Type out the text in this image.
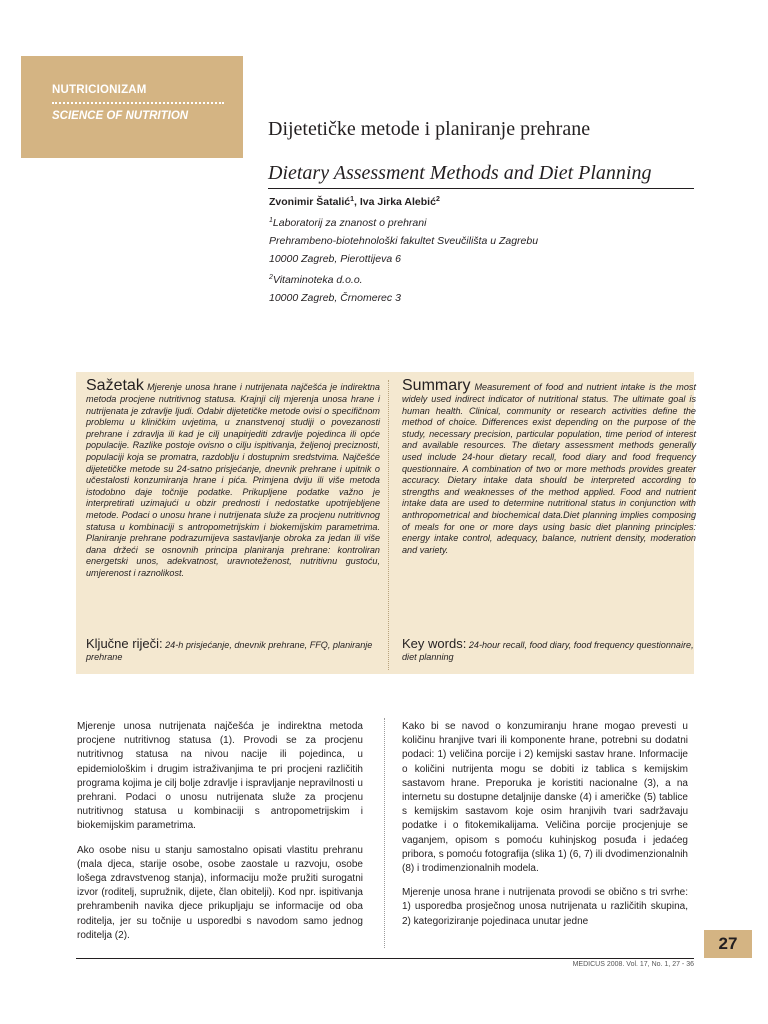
NUTRICIONIZAM
SCIENCE OF NUTRITION
Dijetetičke metode i planiranje prehrane
Dietary Assessment Methods and Diet Planning
Zvonimir Šatalić$^1$, Iva Jirka Alebić$^2$
$^1$Laboratorij za znanost o prehrani
Prehrambeno-biotehnološki fakultet Sveučilišta u Zagrebu
10000 Zagreb, Pierottijeva 6
$^2$Vitaminoteka d.o.o.
10000 Zagreb, Črnomerec 3
Sažetak Mjerenje unosa hrane i nutrijenata najčešća je indirektna metoda procjene nutritivnog statusa. Krajnji cilj mjerenja unosa hrane i nutrijenata je zdravlje ljudi. Odabir dijetetičke metode ovisi o specifičnom problemu u kliničkim uvjetima, u znanstvenoj studiji o povezanosti prehrane i zdravlja ili kad je cilj unapirjediti zdravlje pojedinca ili opće populacije. Razlike postoje ovisno o cilju ispitivanja, željenoj preciznosti, populaciji koja se promatra, razdoblju i dostupnim sredstvima. Najčešće dijetetičke metode su 24-satno prisjećanje, dnevnik prehrane i upitnik o učestalosti konzumiranja hrane i pića. Primjena dviju ili više metoda istodobno daje točnije podatke. Prikupljene podatke važno je interpretirati uzimajući u obzir prednosti i nedostatke upotrijebljene metode. Podaci o unosu hrane i nutrijenata služe za procjenu nutritivnog statusa u kombinaciji s antropometrijskim i biokemijskim parametrima. Planiranje prehrane podrazumijeva sastavljanje obroka za jedan ili više dana držeći se osnovnih principa planiranja prehrane: kontroliran energetski unos, adekvatnost, uravnoteženost, nutritivnu gustoću, umjerenost i raznolikost.
Summary Measurement of food and nutrient intake is the most widely used indirect indicator of nutritional status. The ultimate goal is human health. Clinical, community or research activities define the method of choice. Differences exist depending on the purpose of the study, necessary precision, particular population, time period of interest and available resources. The dietary assessment methods generally used include 24-hour dietary recall, food diary and food frequency questionnaire. A combination of two or more methods provides greater accuracy. Dietary intake data should be interpreted according to strengths and weaknesses of the method applied. Food and nutrient intake data are used to determine nutritional status in conjunction with anthropometrical and biochemical data.Diet planning implies composing of meals for one or more days using basic diet planning principles: energy intake control, adequacy, balance, nutrient density, moderation and variety.
Ključne riječi: 24-h prisjećanje, dnevnik prehrane, FFQ, planiranje prehrane
Key words: 24-hour recall, food diary, food frequency questionnaire, diet planning

Mjerenje unosa nutrijenata najčešća je indirektna metoda procjene nutritivnog statusa (1). Provodi se za procjenu nutritivnog statusa na nivou nacije ili pojedinca, u epidemiološkim i drugim istraživanjima te pri procjeni različitih programa kojima je cilj bolje zdravlje i ispravljanje nepravilnosti u prehrani. Podaci o unosu nutrijenata služe za procjenu nutritivnog statusa u kombinaciji s antropometrijskim i biokemijskim parametrima.

Ako osobe nisu u stanju samostalno opisati vlastitu prehranu (mala djeca, starije osobe, osobe zaostale u razvoju, osobe lošega zdravstvenog stanja), informaciju može pružiti surogatni izvor (roditelj, supružnik, dijete, član obitelji). Kod npr. ispitivanja prehrambenih navika djece prikupljaju se informacije od oba roditelja, jer su točnije u usporedbi s navodom samo jednog roditelja (2).

Kako bi se navod o konzumiranju hrane mogao prevesti u količinu hranjive tvari ili komponente hrane, potrebni su dodatni podaci: 1) veličina porcije i 2) kemijski sastav hrane. Informacije o količini nutrijenta mogu se dobiti iz tablica s kemijskim sastavom hrane. Preporuka je koristiti nacionalne (3), a na internetu su dostupne detaljnije danske (4) i američke (5) tablice s kemijskim sastavom koje osim hranjivih tvari sadržavaju podatke i o fitokemikalijama. Veličina porcije procjenjuje se vaganjem, opisom s pomoću kuhinjskog posuđa i jedaćeg pribora, s pomoću fotografija (slika 1) (6, 7) ili dvodimenzionalnih (8) i trodimenzionalnih modela.

Mjerenje unosa hrane i nutrijenata provodi se obično s tri svrhe: 1) usporedba prosječnog unosa nutrijenata u različitih skupina, 2) kategoriziranje pojedinaca unutar jedne

27
MEDICUS 2008. Vol. 17, No. 1, 27 - 36
